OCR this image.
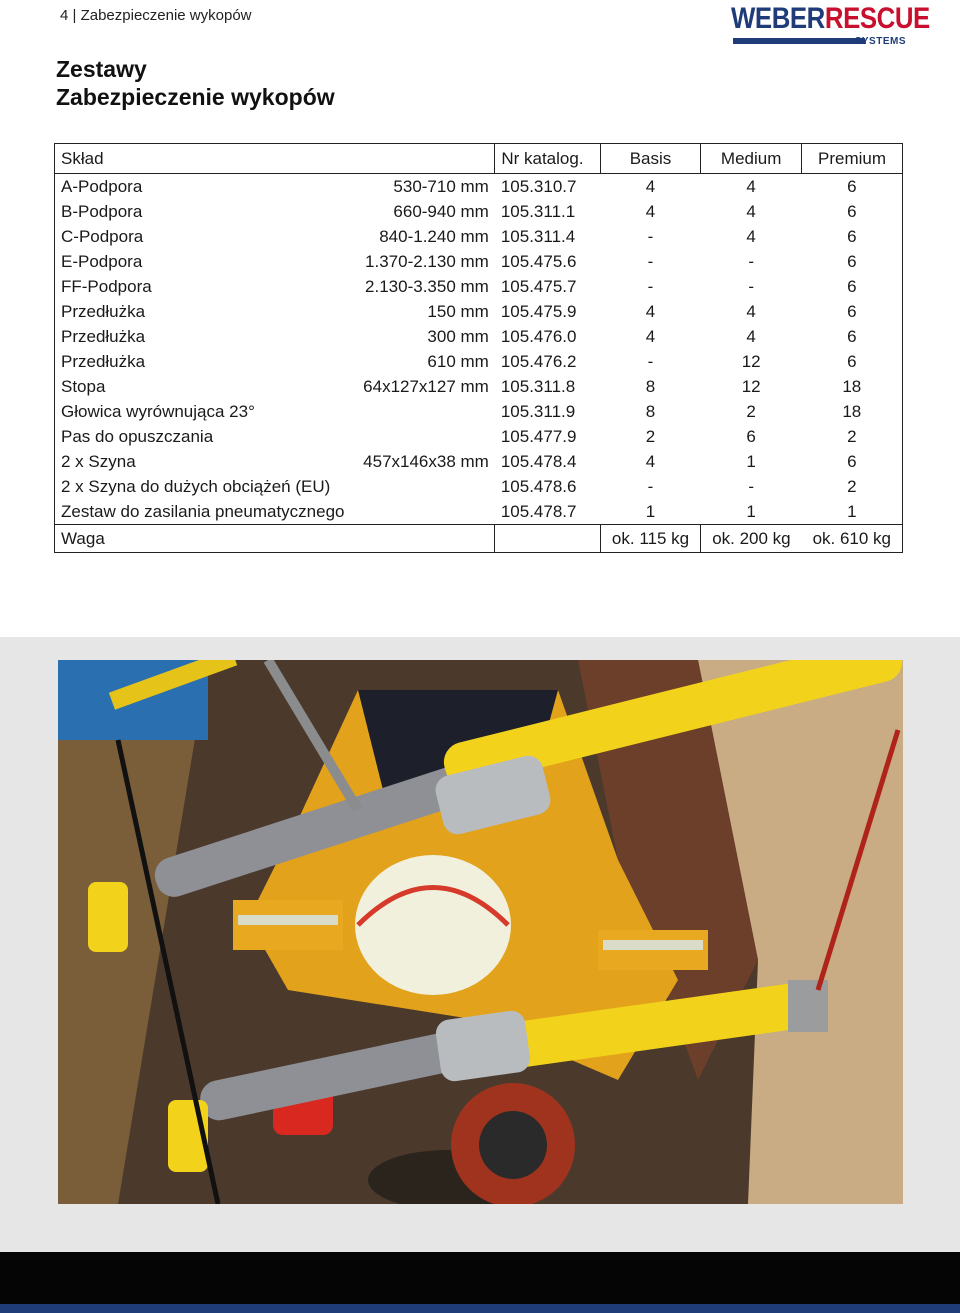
4 | Zabezpieczenie wykopów	WEBERRESCUE
SYSTEMS
Zestawy
Zabezpieczenie wykopów
Skład		Nr katalog.	Basis	Medium	Premium
A-Podpora	530-710 mm	105.310.7	4	4	6
B-Podpora	660-940 mm	105.311.1	4	4	6
C-Podpora	840-1.240 mm	105.311.4	-	4	6
E-Podpora	1.370-2.130 mm	105.475.6	-	-	6
FF-Podpora	2.130-3.350 mm	105.475.7	-	-	6
Przedłużka	150 mm	105.475.9	4	4	6
Przedłużka	300 mm	105.476.0	4	4	6
Przedłużka	610 mm	105.476.2	-	12	6
Stopa	64x127x127 mm	105.311.8	8	12	18
Głowica wyrównująca 23°		105.311.9	8	2	18
Pas do opuszczania		105.477.9	2	6	2
2 x Szyna	457x146x38 mm	105.478.4	4	1	6
2 x Szyna do dużych obciążeń (EU)		105.478.6	-	-	2
Zestaw do zasilania pneumatycznego		105.478.7	1	1	1
Waga			ok. 115 kg	ok. 200 kg	ok. 610 kg
